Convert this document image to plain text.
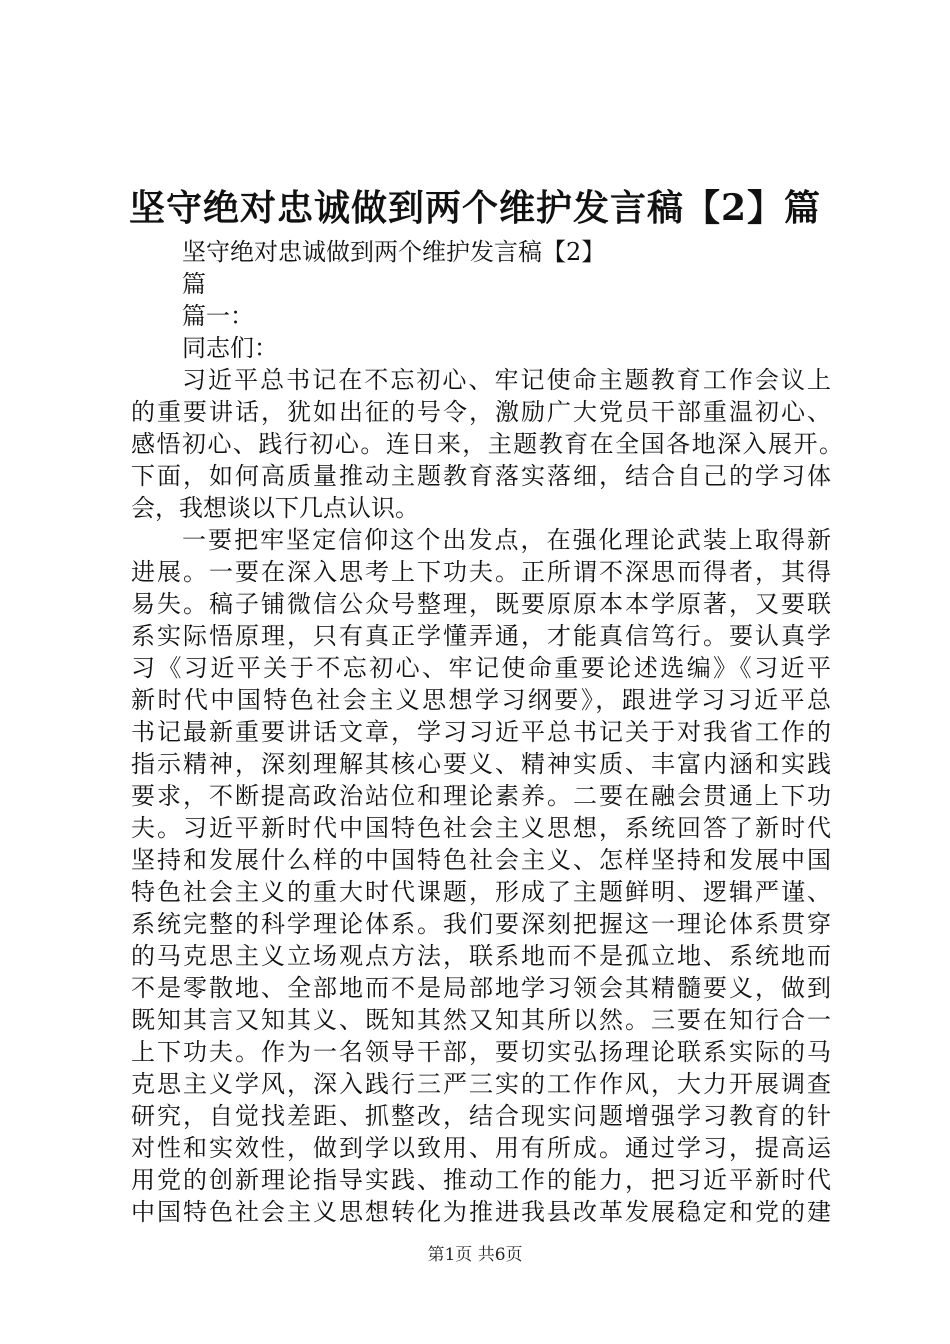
坚守绝对忠诚做到两个维护发言稿【2】篇
坚守绝对忠诚做到两个维护发言稿【2】
篇
篇一：
同志们：
习近平总书记在不忘初心、牢记使命主题教育工作会议上
的重要讲话，犹如出征的号令，激励广大党员干部重温初心、
感悟初心、践行初心。连日来，主题教育在全国各地深入展开。
下面，如何高质量推动主题教育落实落细，结合自己的学习体
会，我想谈以下几点认识。
一要把牢坚定信仰这个出发点，在强化理论武装上取得新
进展。一要在深入思考上下功夫。正所谓不深思而得者，其得
易失。稿子铺微信公众号整理，既要原原本本学原著，又要联
系实际悟原理，只有真正学懂弄通，才能真信笃行。要认真学
习《习近平关于不忘初心、牢记使命重要论述选编》《习近平
新时代中国特色社会主义思想学习纲要》，跟进学习习近平总
书记最新重要讲话文章，学习习近平总书记关于对我省工作的
指示精神，深刻理解其核心要义、精神实质、丰富内涵和实践
要求，不断提高政治站位和理论素养。二要在融会贯通上下功
夫。习近平新时代中国特色社会主义思想，系统回答了新时代
坚持和发展什么样的中国特色社会主义、怎样坚持和发展中国
特色社会主义的重大时代课题，形成了主题鲜明、逻辑严谨、
系统完整的科学理论体系。我们要深刻把握这一理论体系贯穿
的马克思主义立场观点方法，联系地而不是孤立地、系统地而
不是零散地、全部地而不是局部地学习领会其精髓要义，做到
既知其言又知其义、既知其然又知其所以然。三要在知行合一
上下功夫。作为一名领导干部，要切实弘扬理论联系实际的马
克思主义学风，深入践行三严三实的工作作风，大力开展调查
研究，自觉找差距、抓整改，结合现实问题增强学习教育的针
对性和实效性，做到学以致用、用有所成。通过学习，提高运
用党的创新理论指导实践、推动工作的能力，把习近平新时代
中国特色社会主义思想转化为推进我县改革发展稳定和党的建
第1页 共6页
